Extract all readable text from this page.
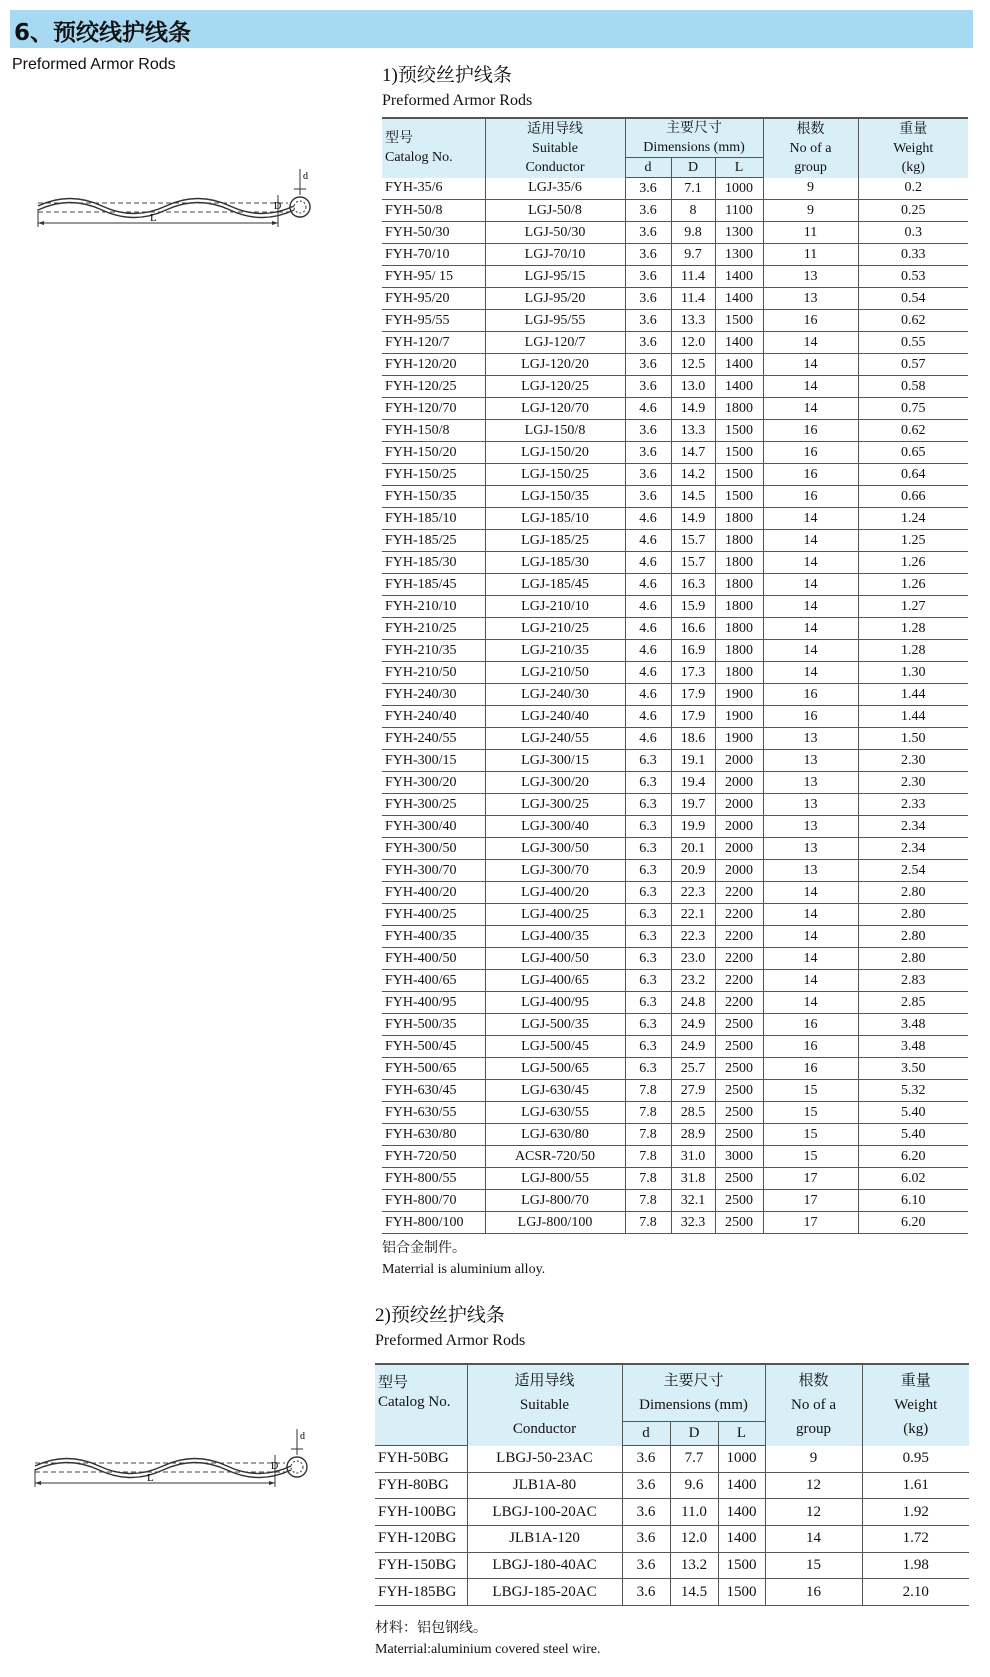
6、预绞线护线条
Preformed Armor Rods
L
D
d
1)预绞丝护线条
Preformed Armor Rods
型号
Catalog No.	适用导线
Suitable
Conductor	主要尺寸
Dimensions (mm)			根数
No of a
group	重量
Weight
(kg)

		d	D	L		
FYH-35/6	LGJ-35/6	3.6	7.1	1000	9	0.2
FYH-50/8	LGJ-50/8	3.6	8	1100	9	0.25
FYH-50/30	LGJ-50/30	3.6	9.8	1300	11	0.3
FYH-70/10	LGJ-70/10	3.6	9.7	1300	11	0.33
FYH-95/ 15	LGJ-95/15	3.6	11.4	1400	13	0.53
FYH-95/20	LGJ-95/20	3.6	11.4	1400	13	0.54
FYH-95/55	LGJ-95/55	3.6	13.3	1500	16	0.62
FYH-120/7	LGJ-120/7	3.6	12.0	1400	14	0.55
FYH-120/20	LGJ-120/20	3.6	12.5	1400	14	0.57
FYH-120/25	LGJ-120/25	3.6	13.0	1400	14	0.58
FYH-120/70	LGJ-120/70	4.6	14.9	1800	14	0.75
FYH-150/8	LGJ-150/8	3.6	13.3	1500	16	0.62
FYH-150/20	LGJ-150/20	3.6	14.7	1500	16	0.65
FYH-150/25	LGJ-150/25	3.6	14.2	1500	16	0.64
FYH-150/35	LGJ-150/35	3.6	14.5	1500	16	0.66
FYH-185/10	LGJ-185/10	4.6	14.9	1800	14	1.24
FYH-185/25	LGJ-185/25	4.6	15.7	1800	14	1.25
FYH-185/30	LGJ-185/30	4.6	15.7	1800	14	1.26
FYH-185/45	LGJ-185/45	4.6	16.3	1800	14	1.26
FYH-210/10	LGJ-210/10	4.6	15.9	1800	14	1.27
FYH-210/25	LGJ-210/25	4.6	16.6	1800	14	1.28
FYH-210/35	LGJ-210/35	4.6	16.9	1800	14	1.28
FYH-210/50	LGJ-210/50	4.6	17.3	1800	14	1.30
FYH-240/30	LGJ-240/30	4.6	17.9	1900	16	1.44
FYH-240/40	LGJ-240/40	4.6	17.9	1900	16	1.44
FYH-240/55	LGJ-240/55	4.6	18.6	1900	13	1.50
FYH-300/15	LGJ-300/15	6.3	19.1	2000	13	2.30
FYH-300/20	LGJ-300/20	6.3	19.4	2000	13	2.30
FYH-300/25	LGJ-300/25	6.3	19.7	2000	13	2.33
FYH-300/40	LGJ-300/40	6.3	19.9	2000	13	2.34
FYH-300/50	LGJ-300/50	6.3	20.1	2000	13	2.34
FYH-300/70	LGJ-300/70	6.3	20.9	2000	13	2.54
FYH-400/20	LGJ-400/20	6.3	22.3	2200	14	2.80
FYH-400/25	LGJ-400/25	6.3	22.1	2200	14	2.80
FYH-400/35	LGJ-400/35	6.3	22.3	2200	14	2.80
FYH-400/50	LGJ-400/50	6.3	23.0	2200	14	2.80
FYH-400/65	LGJ-400/65	6.3	23.2	2200	14	2.83
FYH-400/95	LGJ-400/95	6.3	24.8	2200	14	2.85
FYH-500/35	LGJ-500/35	6.3	24.9	2500	16	3.48
FYH-500/45	LGJ-500/45	6.3	24.9	2500	16	3.48
FYH-500/65	LGJ-500/65	6.3	25.7	2500	16	3.50
FYH-630/45	LGJ-630/45	7.8	27.9	2500	15	5.32
FYH-630/55	LGJ-630/55	7.8	28.5	2500	15	5.40
FYH-630/80	LGJ-630/80	7.8	28.9	2500	15	5.40
FYH-720/50	ACSR-720/50	7.8	31.0	3000	15	6.20
FYH-800/55	LGJ-800/55	7.8	31.8	2500	17	6.02
FYH-800/70	LGJ-800/70	7.8	32.1	2500	17	6.10
FYH-800/100	LGJ-800/100	7.8	32.3	2500	17	6.20
铝合金制件。
Materrial is aluminium alloy.
2)预绞丝护线条
Preformed Armor Rods
L
D
d
型号
Catalog No.	适用导线
Suitable
Conductor	主要尺寸
Dimensions (mm)			根数
No of a
group	重量
Weight
(kg)

		d	D	L		
FYH-50BG	LBGJ-50-23AC	3.6	7.7	1000	9	0.95
FYH-80BG	JLB1A-80	3.6	9.6	1400	12	1.61
FYH-100BG	LBGJ-100-20AC	3.6	11.0	1400	12	1.92
FYH-120BG	JLB1A-120	3.6	12.0	1400	14	1.72
FYH-150BG	LBGJ-180-40AC	3.6	13.2	1500	15	1.98
FYH-185BG	LBGJ-185-20AC	3.6	14.5	1500	16	2.10
材料：铝包钢线。
Materrial:aluminium covered steel wire.
